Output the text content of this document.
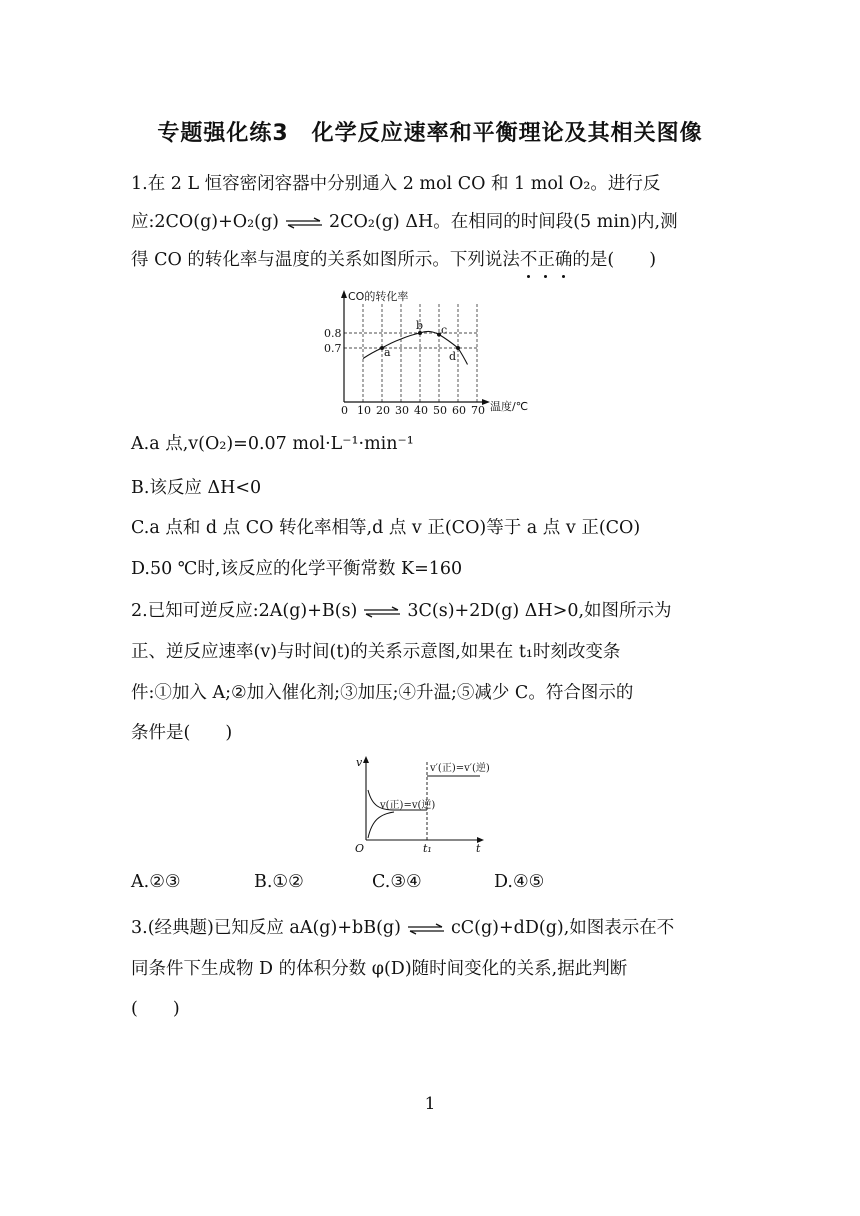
专题强化练3　化学反应速率和平衡理论及其相关图像
1.在 2 L 恒容密闭容器中分别通入 2 mol CO 和 1 mol O₂。进行反
应:2CO(g)+O₂(g) ⇌ 2CO₂(g) ΔH。在相同的时间段(5 min)内,测
得 CO 的转化率与温度的关系如图所示。下列说法不正确
的是(　　)
CO的转化率
温度/℃
0.7
0.8
0 10 20 30 40 50 60 70
a
b c
d
A.a 点,v(O₂)=0.07 mol·L⁻¹·min⁻¹
B.该反应 ΔH<0
C.a 点和 d 点 CO 转化率相等,d 点 v 正(CO)等于 a 点 v 正(CO)
D.50 ℃时,该反应的化学平衡常数 K=160
2.已知可逆反应:2A(g)+B(s) ⇌ 3C(s)+2D(g) ΔH>0,如图所示为
正、逆反应速率(v)与时间(t)的关系示意图,如果在 t₁时刻改变条
件:①加入 A;②加入催化剂;③加压;④升温;⑤减少 C。符合图示的
条件是(　　)
v
t
O	t₁
v(正)=v(逆)
v′(正)=v′(逆)
A.②③	B.①②	C.③④	D.④⑤
3.(经典题)已知反应 aA(g)+bB(g) ⇌ cC(g)+dD(g),如图表示在不
同条件下生成物 D 的体积分数 φ(D)随时间变化的关系,据此判断
(　　)
1
